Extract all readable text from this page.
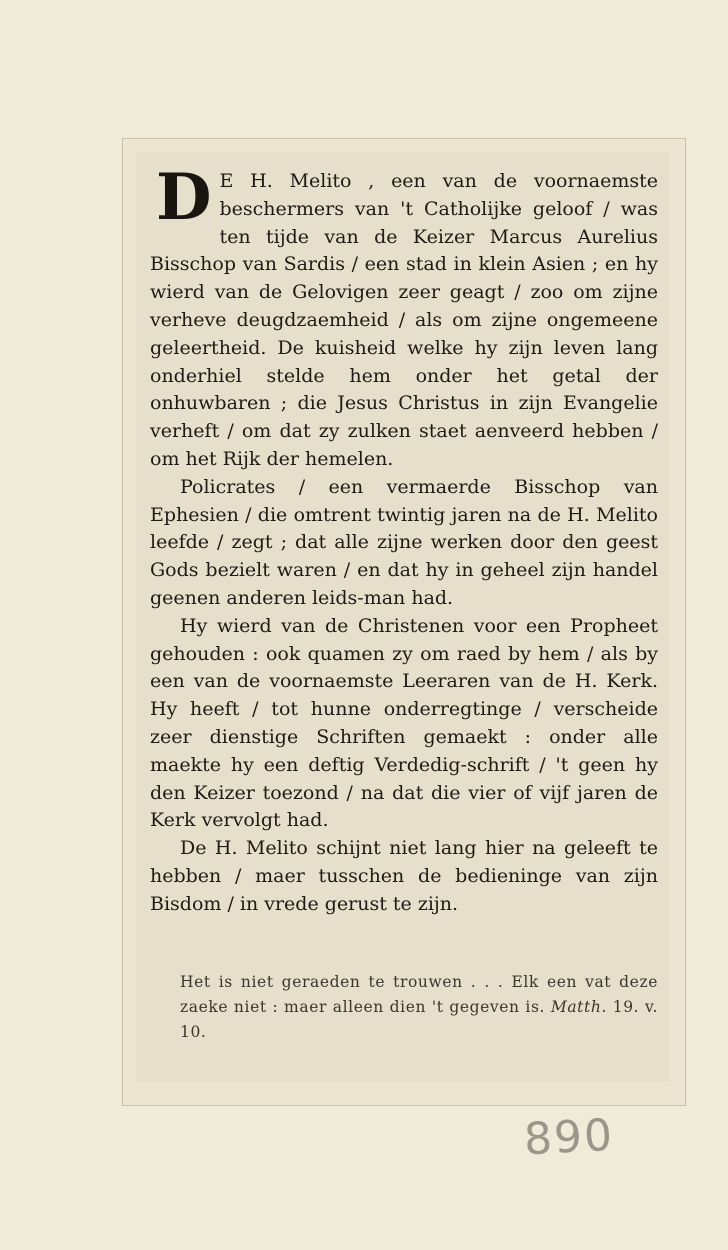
D E H. Melito , een van de voornaemste beschermers van 't Catholijke geloof / was ten tijde van de Keizer Marcus Aurelius Bisschop van Sardis / een stad in klein Asien ; en hy wierd van de Gelovigen zeer geagt / zoo om zijne verheve deugdzaemheid / als om zijne ongemeene geleertheid. De kuisheid welke hy zijn leven lang onderhiel stelde hem onder het getal der onhuwbaren ; die Jesus Christus in zijn Evangelie verheft / om dat zy zulken staet aenveerd hebben / om het Rijk der hemelen.

Policrates / een vermaerde Bisschop van Ephesien / die omtrent twintig jaren na de H. Melito leefde / zegt ; dat alle zijne werken door den geest Gods bezielt waren / en dat hy in geheel zijn handel geenen anderen leids-man had.

Hy wierd van de Christenen voor een Propheet gehouden : ook quamen zy om raed by hem / als by een van de voornaemste Leeraren van de H. Kerk. Hy heeft / tot hunne onderregtinge / verscheide zeer dienstige Schriften gemaekt : onder alle maekte hy een deftig Verdedig-schrift / 't geen hy den Keizer toezond / na dat die vier of vijf jaren de Kerk vervolgt had.

De H. Melito schijnt niet lang hier na geleeft te hebben / maer tusschen de bedieninge van zijn Bisdom / in vrede gerust te zijn.

Het is niet geraeden te trouwen . . . Elk een vat deze zaeke niet : maer alleen dien 't gegeven is. Matth. 19. v. 10.
890
